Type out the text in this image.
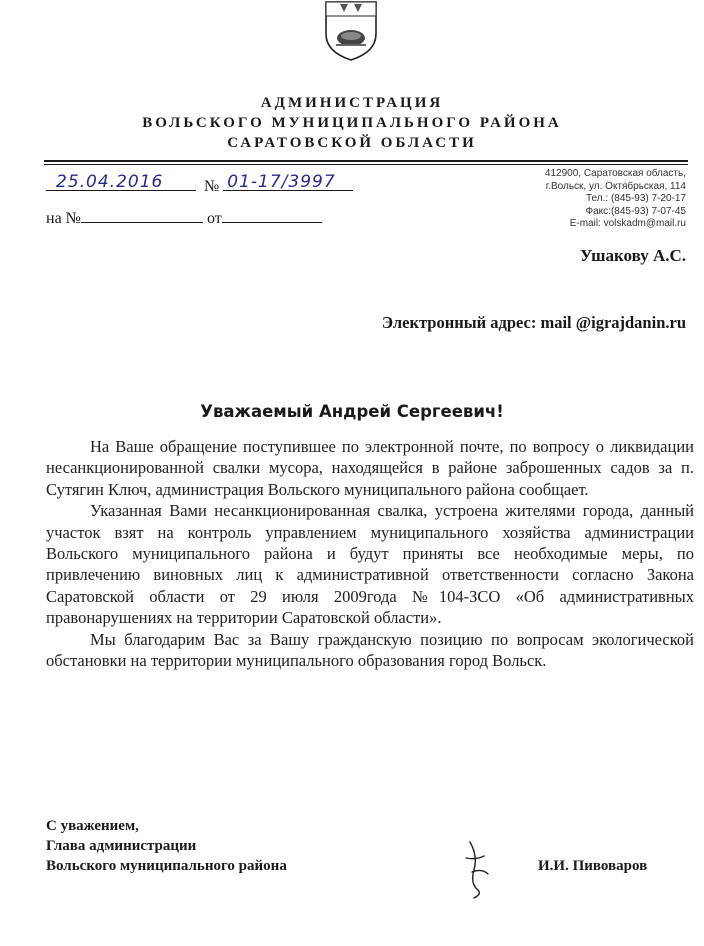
АДМИНИСТРАЦИЯ
ВОЛЬСКОГО МУНИЦИПАЛЬНОГО РАЙОНА
САРАТОВСКОЙ ОБЛАСТИ
25.04.2016	№ 01-17/3997
на №	от
412900, Саратовская область,
г.Вольск, ул. Октябрьская, 114
Тел.: (845-93) 7-20-17
Факс:(845-93) 7-07-45
E-mail: volskadm@mail.ru
Ушакову А.С.
Электронный адрес: mail @igrajdanin.ru
Уважаемый Андрей Сергеевич!

На Ваше обращение поступившее по электронной почте, по вопросу о ликвидации несанкционированной свалки мусора, находящейся в районе заброшенных садов за п. Сутягин Ключ, администрация Вольского муниципального района сообщает.

Указанная Вами несанкционированная свалка, устроена жителями города, данный участок взят на контроль управлением муниципального хозяйства администрации Вольского муниципального района и будут приняты все необходимые меры, по привлечению виновных лиц к административной ответственности согласно Закона Саратовской области от 29 июля 2009года №104-ЗСО «Об административных правонарушениях на территории Саратовской области».

Мы благодарим Вас за Вашу гражданскую позицию по вопросам экологической обстановки на территории муниципального образования город Вольск.

С уважением,
Глава администрации
Вольского муниципального района	И.И. Пивоваров
